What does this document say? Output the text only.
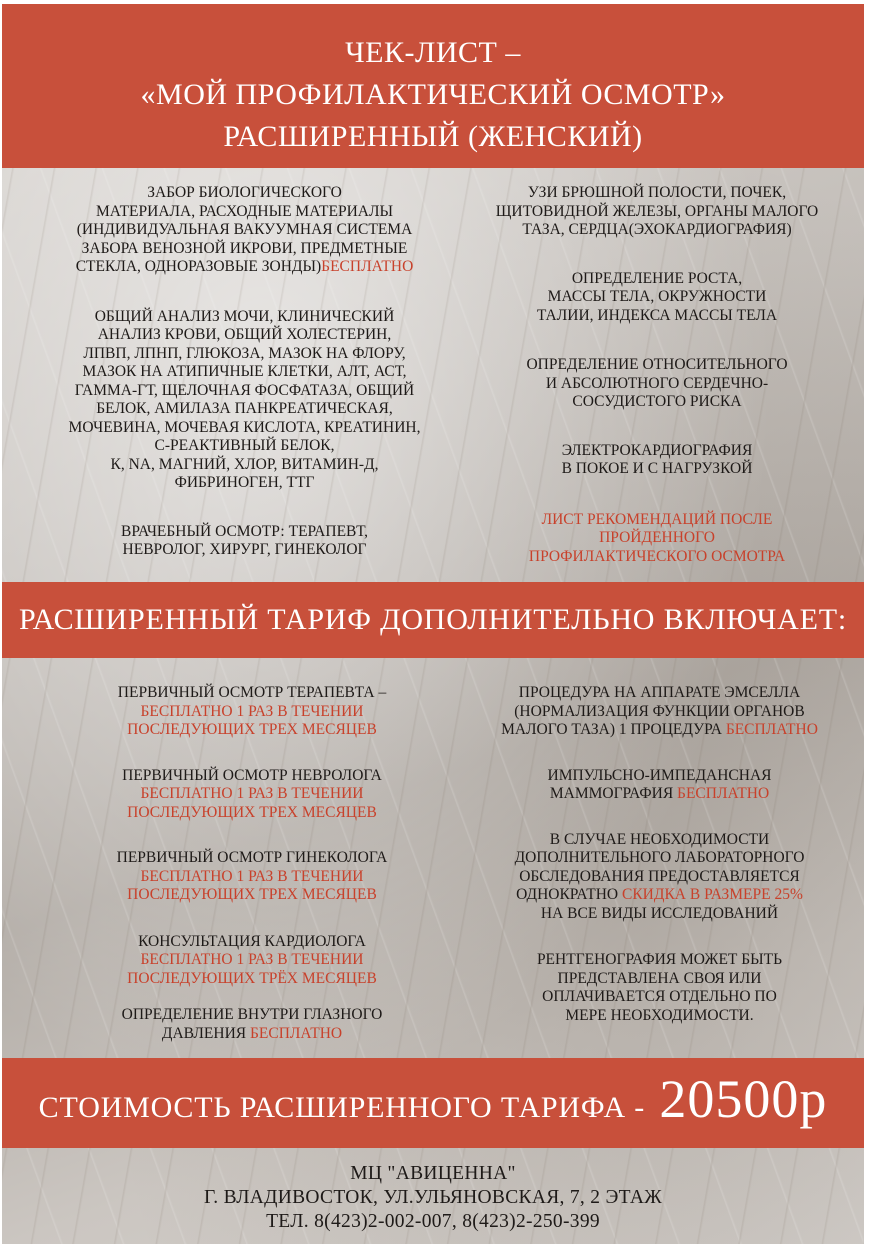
ЧЕК-ЛИСТ –
«МОЙ ПРОФИЛАКТИЧЕСКИЙ ОСМОТР»
РАСШИРЕННЫЙ (ЖЕНСКИЙ)
ЗАБОР БИОЛОГИЧЕСКОГО
МАТЕРИАЛА, РАСХОДНЫЕ МАТЕРИАЛЫ
(ИНДИВИДУАЛЬНАЯ ВАКУУМНАЯ СИСТЕМА
ЗАБОРА ВЕНОЗНОЙ ИКРОВИ, ПРЕДМЕТНЫЕ
СТЕКЛА, ОДНОРАЗОВЫЕ ЗОНДЫ)БЕСПЛАТНО
ОБЩИЙ АНАЛИЗ МОЧИ, КЛИНИЧЕСКИЙ
АНАЛИЗ КРОВИ, ОБЩИЙ ХОЛЕСТЕРИН,
ЛПВП, ЛПНП, ГЛЮКОЗА, МАЗОК НА ФЛОРУ,
МАЗОК НА АТИПИЧНЫЕ КЛЕТКИ, АЛТ, АСТ,
ГАММА-ГТ, ЩЕЛОЧНАЯ ФОСФАТАЗА, ОБЩИЙ
БЕЛОК, АМИЛАЗА ПАНКРЕАТИЧЕСКАЯ,
МОЧЕВИНА, МОЧЕВАЯ КИСЛОТА, КРЕАТИНИН,
С-РЕАКТИВНЫЙ БЕЛОК,
К, NA, МАГНИЙ, ХЛОР, ВИТАМИН-Д,
ФИБРИНОГЕН, ТТГ
ВРАЧЕБНЫЙ ОСМОТР: ТЕРАПЕВТ,
НЕВРОЛОГ, ХИРУРГ, ГИНЕКОЛОГ
УЗИ БРЮШНОЙ ПОЛОСТИ, ПОЧЕК,
ЩИТОВИДНОЙ ЖЕЛЕЗЫ, ОРГАНЫ МАЛОГО
ТАЗА, СЕРДЦА(ЭХОКАРДИОГРАФИЯ)
ОПРЕДЕЛЕНИЕ РОСТА,
МАССЫ ТЕЛА, ОКРУЖНОСТИ
ТАЛИИ, ИНДЕКСА МАССЫ ТЕЛА
ОПРЕДЕЛЕНИЕ ОТНОСИТЕЛЬНОГО
И АБСОЛЮТНОГО СЕРДЕЧНО-
СОСУДИСТОГО РИСКА
ЭЛЕКТРОКАРДИОГРАФИЯ
В ПОКОЕ И С НАГРУЗКОЙ
ЛИСТ РЕКОМЕНДАЦИЙ ПОСЛЕ
ПРОЙДЕННОГО
ПРОФИЛАКТИЧЕСКОГО ОСМОТРА
РАСШИРЕННЫЙ ТАРИФ ДОПОЛНИТЕЛЬНО ВКЛЮЧАЕТ:
ПЕРВИЧНЫЙ ОСМОТР ТЕРАПЕВТА –
БЕСПЛАТНО 1 РАЗ В ТЕЧЕНИИ
ПОСЛЕДУЮЩИХ ТРЕХ МЕСЯЦЕВ
ПЕРВИЧНЫЙ ОСМОТР НЕВРОЛОГА
БЕСПЛАТНО 1 РАЗ В ТЕЧЕНИИ
ПОСЛЕДУЮЩИХ ТРЕХ МЕСЯЦЕВ
ПЕРВИЧНЫЙ ОСМОТР ГИНЕКОЛОГА
БЕСПЛАТНО 1 РАЗ В ТЕЧЕНИИ
ПОСЛЕДУЮЩИХ ТРЕХ МЕСЯЦЕВ
КОНСУЛЬТАЦИЯ КАРДИОЛОГА
БЕСПЛАТНО 1 РАЗ В ТЕЧЕНИИ
ПОСЛЕДУЮЩИХ ТРЁХ МЕСЯЦЕВ
ОПРЕДЕЛЕНИЕ ВНУТРИ ГЛАЗНОГО
ДАВЛЕНИЯ БЕСПЛАТНО
ПРОЦЕДУРА НА АППАРАТЕ ЭМСЕЛЛА
(НОРМАЛИЗАЦИЯ ФУНКЦИИ ОРГАНОВ
МАЛОГО ТАЗА) 1 ПРОЦЕДУРА БЕСПЛАТНО
ИМПУЛЬСНО-ИМПЕДАНСНАЯ
МАММОГРАФИЯ БЕСПЛАТНО
В СЛУЧАЕ НЕОБХОДИМОСТИ
ДОПОЛНИТЕЛЬНОГО ЛАБОРАТОРНОГО
ОБСЛЕДОВАНИЯ ПРЕДОСТАВЛЯЕТСЯ
ОДНОКРАТНО СКИДКА В РАЗМЕРЕ 25%
НА ВСЕ ВИДЫ ИССЛЕДОВАНИЙ
РЕНТГЕНОГРАФИЯ МОЖЕТ БЫТЬ
ПРЕДСТАВЛЕНА СВОЯ ИЛИ
ОПЛАЧИВАЕТСЯ ОТДЕЛЬНО ПО
МЕРЕ НЕОБХОДИМОСТИ.
СТОИМОСТЬ РАСШИРЕННОГО ТАРИФА - 20500р
МЦ "АВИЦЕННА"
Г. ВЛАДИВОСТОК, УЛ.УЛЬЯНОВСКАЯ, 7, 2 ЭТАЖ
ТЕЛ. 8(423)2-002-007, 8(423)2-250-399
